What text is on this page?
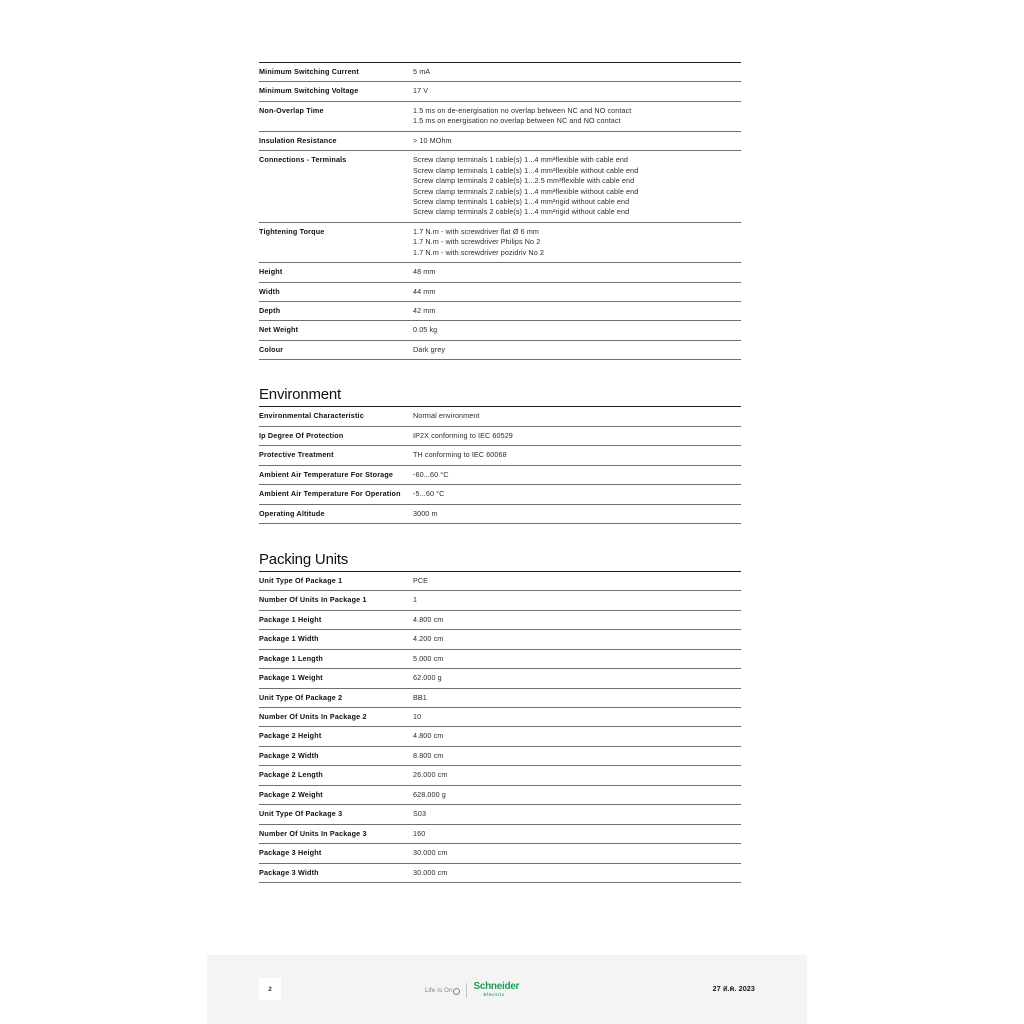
Minimum Switching Current	5 mA

Minimum Switching Voltage	17 V

Non-Overlap Time	1.5 ms on de-energisation no overlap between NC and NO contact
1.5 ms on energisation no overlap between NC and NO contact

Insulation Resistance	> 10 MOhm

Connections - Terminals	Screw clamp terminals 1 cable(s) 1...4 mm²flexible with cable end
Screw clamp terminals 1 cable(s) 1...4 mm²flexible without cable end
Screw clamp terminals 2 cable(s) 1...2.5 mm²flexible with cable end
Screw clamp terminals 2 cable(s) 1...4 mm²flexible without cable end
Screw clamp terminals 1 cable(s) 1...4 mm²rigid without cable end
Screw clamp terminals 2 cable(s) 1...4 mm²rigid without cable end

Tightening Torque	1.7 N.m - with screwdriver flat Ø 6 mm
1.7 N.m - with screwdriver Philips No 2
1.7 N.m - with screwdriver pozidriv No 2

Height	48 mm

Width	44 mm

Depth	42 mm

Net Weight	0.05 kg

Colour	Dark grey
Environment
Environmental Characteristic	Normal environment

Ip Degree Of Protection	IP2X conforming to IEC 60529

Protective Treatment	TH conforming to IEC 60068

Ambient Air Temperature For Storage	-60...60 °C

Ambient Air Temperature For Operation	-5...60 °C

Operating Altitude	3000 m
Packing Units
Unit Type Of Package 1	PCE

Number Of Units In Package 1	1

Package 1 Height	4.800 cm

Package 1 Width	4.200 cm

Package 1 Length	5.000 cm

Package 1 Weight	62.000 g

Unit Type Of Package 2	BB1

Number Of Units In Package 2	10

Package 2 Height	4.800 cm

Package 2 Width	8.800 cm

Package 2 Length	26.000 cm

Package 2 Weight	628.000 g

Unit Type Of Package 3	S03

Number Of Units In Package 3	160

Package 3 Height	30.000 cm

Package 3 Width	30.000 cm
2	Life Is On Schneider
Electric
27 ส.ค. 2023
